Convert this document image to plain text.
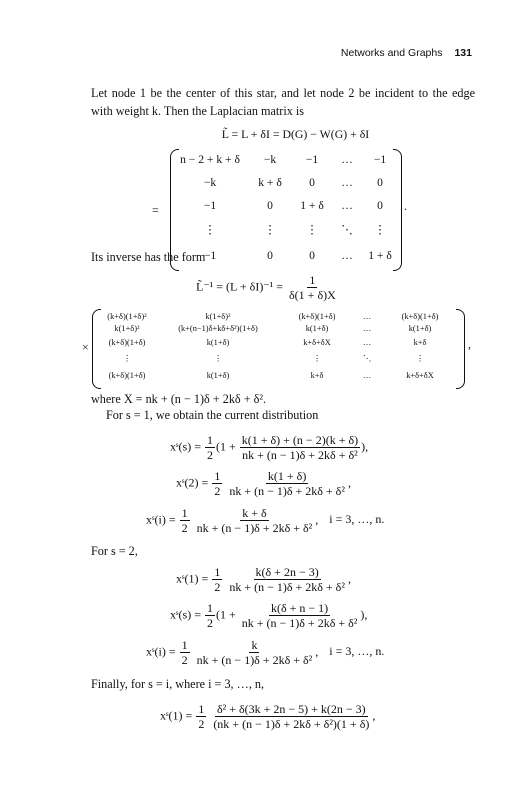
Networks and Graphs 131
Let node 1 be the center of this star, and let node 2 be incident to the edge with weight k. Then the Laplacian matrix is
L̃ = L + δI = D(G) − W(G) + δI
=
n − 2 + k + δ	−k	−1	…	−1
−k	k + δ	0	…	0
−1	0	1 + δ	…	0
⋮	⋮	⋮	⋱	⋮
−1	0	0	…	1 + δ
.
Its inverse has the form
L̃⁻¹ = $(L + \delta I)^{-1} = \frac{1}{\delta(1 + \delta)X}$
×
(k+δ)(1+δ)²	k(1+δ)²	(k+δ)(1+δ)	…	(k+δ)(1+δ)
k(1+δ)²	(k+(n−1)δ+kδ+δ²)(1+δ)	k(1+δ)	…	k(1+δ)
(k+δ)(1+δ)	k(1+δ)	k+δ+δX	…	k+δ
⋮	⋮	⋮	⋱	⋮
(k+δ)(1+δ)	k(1+δ)	k+δ	…	k+δ+δX
,
where X = nk + (n − 1)δ + 2kδ + δ².
For s = 1, we obtain the current distribution
xˢ(s) = $\frac{1}{2} (1 + \frac{k(1 + \delta) + (n - 2)(k + \delta)}{\text{nk + (n − 1)δ + 2kδ + δ²}}$ ),
xˢ(2) = $\frac{1}{2}$
$\frac{k(1 + \delta)}{\text{nk + (n − 1)δ + 2kδ + δ²}}$ ,
xˢ(i) = $\frac{1}{2}$
$\frac{k + \delta}{\text{nk + (n − 1)δ + 2kδ + δ²}}$ , i = 3, …, n.
For s = 2,
xˢ(1) = $\frac{1}{2}$
$\frac{k(\delta + 2n - 3)}{\text{nk + (n − 1)δ + 2kδ + δ²}}$ ,
xˢ(s) = $\frac{1}{2} (1 + \frac{k(\delta + n - 1)}{\text{nk + (n − 1)δ + 2kδ + δ²}}$ ),
xˢ(i) = $\frac{1}{2}$
$\frac{k}{\text{nk + (n − 1)δ + 2kδ + δ²}}$ , i = 3, …, n.
Finally, for s = i, where i = 3, …, n,
xˢ(1) = $\frac{1}{2}$
$\frac{\text{δ² + δ(3k + 2n − 5) + k(2n − 3)}}{\text{(nk + (n − 1)δ + 2kδ + δ²)(1 + δ)}}$ ,
